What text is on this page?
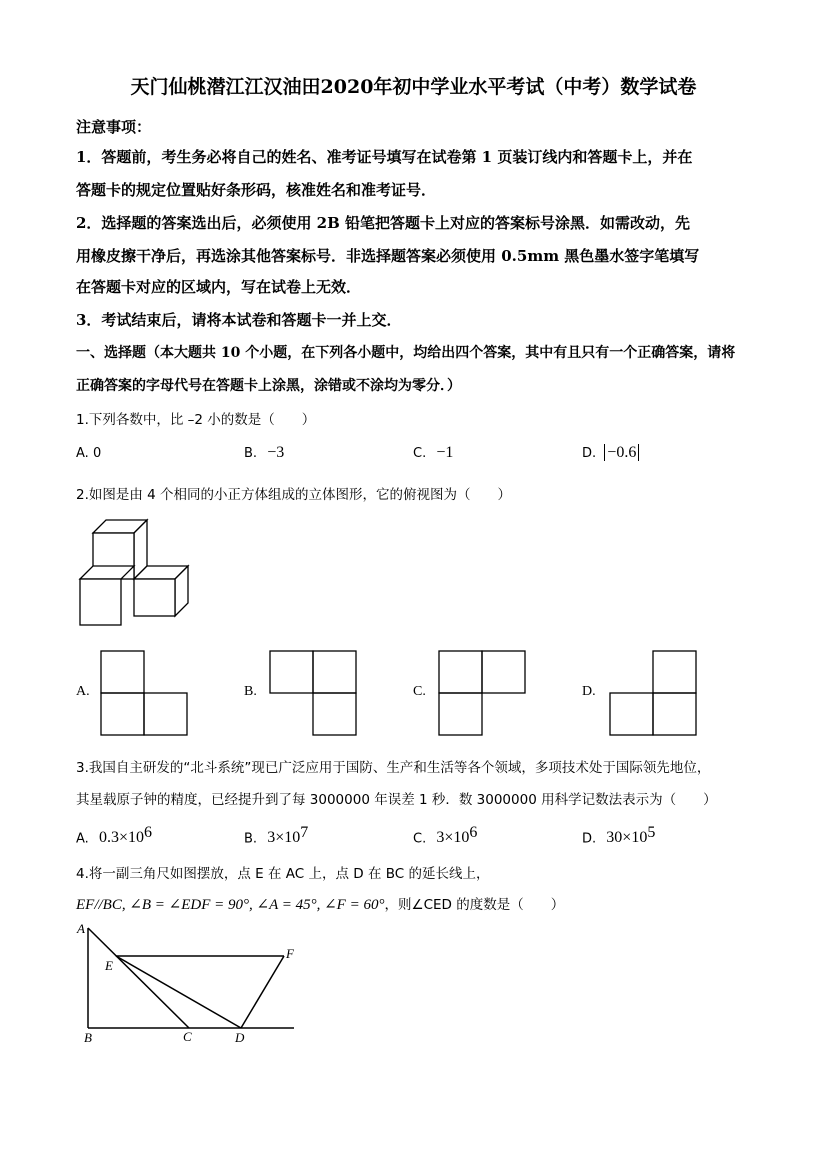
天门仙桃潜江江汉油田2020年初中学业水平考试（中考）数学试卷
注意事项：
1．答题前，考生务必将自己的姓名、准考证号填写在试卷第 1 页装订线内和答题卡上，并在
答题卡的规定位置贴好条形码，核准姓名和准考证号．
2．选择题的答案选出后，必须使用 2B 铅笔把答题卡上对应的答案标号涂黑．如需改动，先
用橡皮擦干净后，再选涂其他答案标号．非选择题答案必须使用 0.5mm 黑色墨水签字笔填写
在答题卡对应的区域内，写在试卷上无效．
3．考试结束后，请将本试卷和答题卡一并上交．
一、选择题（本大题共 10 个小题，在下列各小题中，均给出四个答案，其中有且只有一个正确答案，请将
正确答案的字母代号在答题卡上涂黑，涂错或不涂均为零分．）
1.下列各数中，比 –2 小的数是（　　）
A. 0	B. −3	C. −1	D. −0.6
2.如图是由 4 个相同的小正方体组成的立体图形，它的俯视图为（　　）
A.	B.	C.	D.
3.我国自主研发的“北斗系统”现已广泛应用于国防、生产和生活等各个领域，多项技术处于国际领先地位，
其星载原子钟的精度，已经提升到了每 3000000 年误差 1 秒．数 3000000 用科学记数法表示为（　　）
A. $0.3\times 10^6$	B. $3\times 10^7$	C. $3\times 10^6$	D. $30\times 10^5$
4.将一副三角尺如图摆放，点 E 在 AC 上，点 D 在 BC 的延长线上，
EF//BC, ∠B = ∠EDF = 90°, ∠A = 45°, ∠F = 60°，则∠CED 的度数是（　　）
A
B	C	D
E
F
